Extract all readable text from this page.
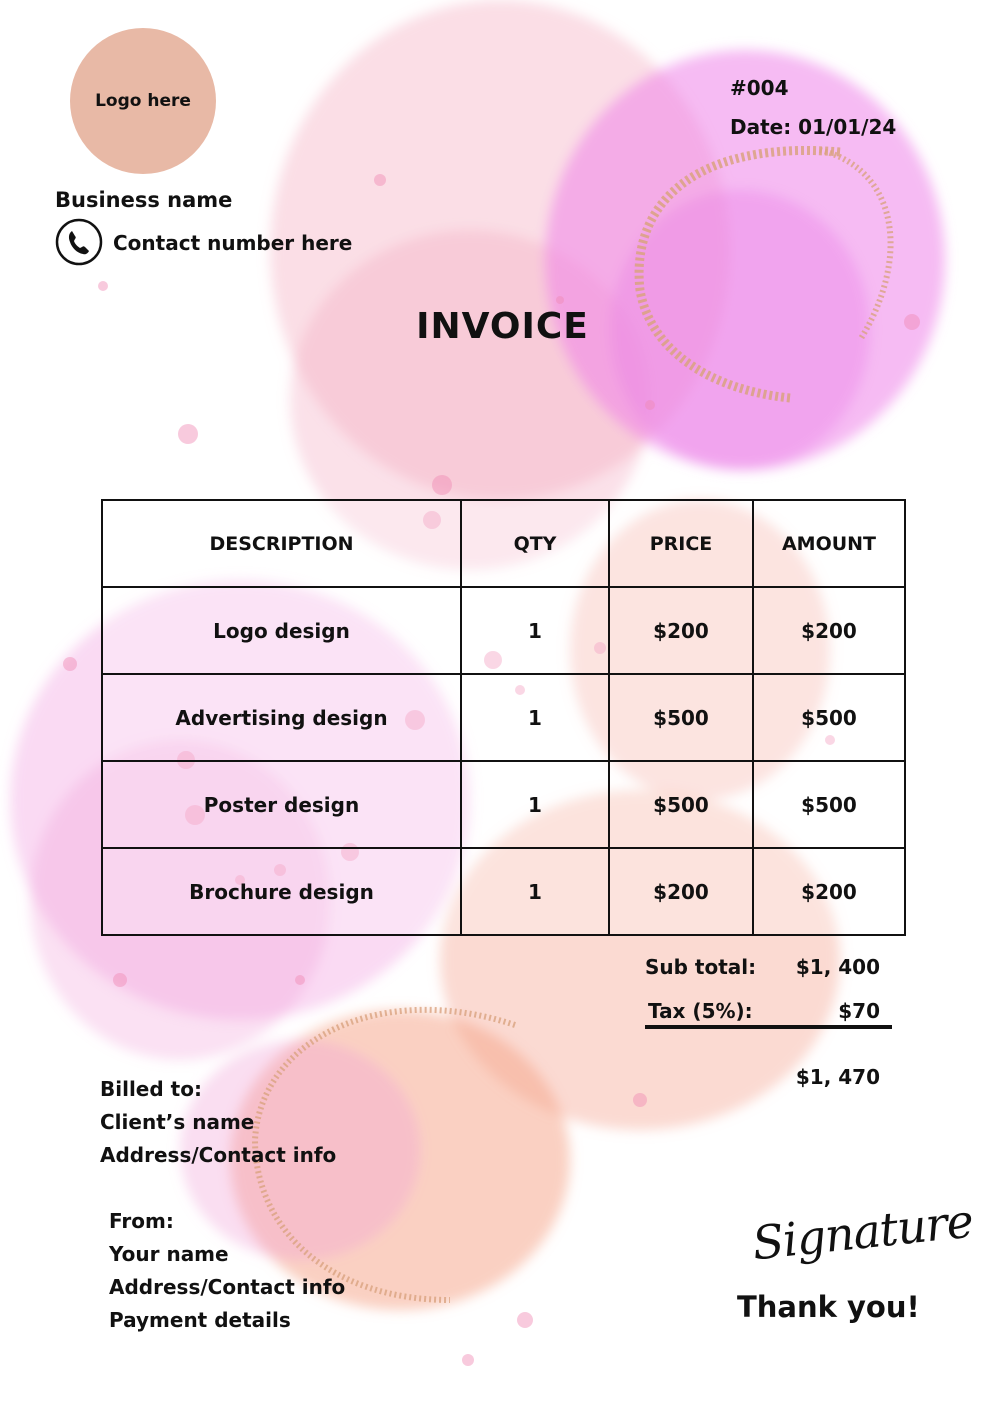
Logo here
Business name
Contact number here
#004
Date: 01/01/24
INVOICE
DESCRIPTION	QTY	PRICE	AMOUNT
Logo design	1	$200	$200
Advertising design	1	$500	$500
Poster design	1	$500	$500
Brochure design	1	$200	$200
Sub total: $1, 400
Tax (5%):	$70
$1, 470
Billed to:
Client’s name
Address/Contact info
From:
Your name
Address/Contact info
Payment details
Signature
Thank you!
